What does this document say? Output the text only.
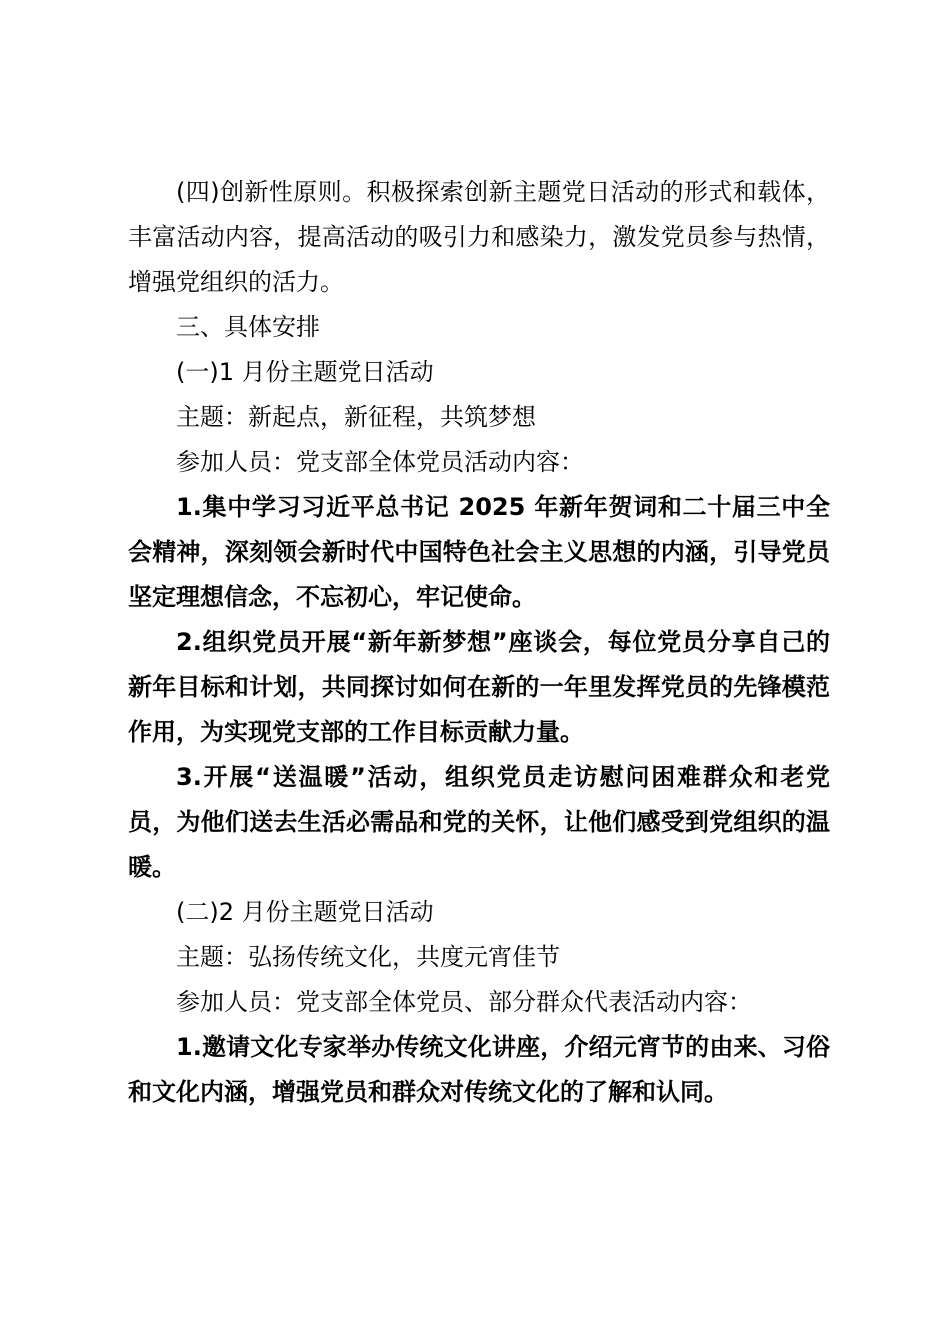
(四)创新性原则。积极探索创新主题党日活动的形式和载体，丰富活动内容，提高活动的吸引力和感染力，激发党员参与热情，增强党组织的活力。

三、具体安排

(一)1 月份主题党日活动

主题：新起点，新征程，共筑梦想

参加人员：党支部全体党员活动内容：

1.集中学习习近平总书记 2025 年新年贺词和二十届三中全会精神，深刻领会新时代中国特色社会主义思想的内涵，引导党员坚定理想信念，不忘初心，牢记使命。

2.组织党员开展“新年新梦想”座谈会，每位党员分享自己的新年目标和计划，共同探讨如何在新的一年里发挥党员的先锋模范作用，为实现党支部的工作目标贡献力量。

3.开展“送温暖”活动，组织党员走访慰问困难群众和老党员，为他们送去生活必需品和党的关怀，让他们感受到党组织的温暖。

(二)2 月份主题党日活动

主题：弘扬传统文化，共度元宵佳节

参加人员：党支部全体党员、部分群众代表活动内容：

1.邀请文化专家举办传统文化讲座，介绍元宵节的由来、习俗和文化内涵，增强党员和群众对传统文化的了解和认同。
